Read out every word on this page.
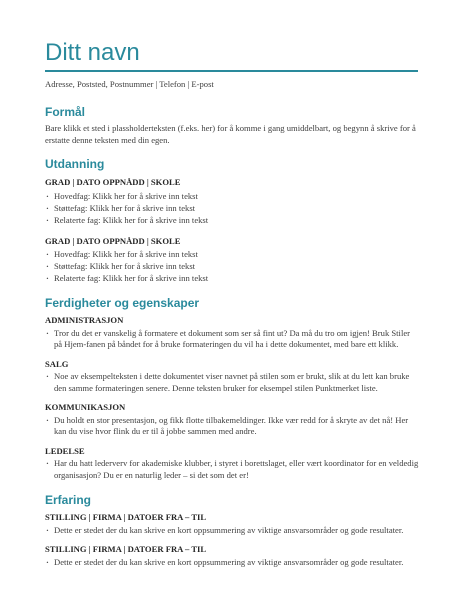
Ditt navn
Adresse, Poststed, Postnummer | Telefon | E-post
Formål

Bare klikk et sted i plassholderteksten (f.eks. her) for å komme i gang umiddelbart, og begynn å skrive for å erstatte denne teksten med din egen.

Utdanning
GRAD | DATO OPPNÅDD | SKOLE
· Hovedfag: Klikk her for å skrive inn tekst
· Støttefag: Klikk her for å skrive inn tekst
· Relaterte fag: Klikk her for å skrive inn tekst
GRAD | DATO OPPNÅDD | SKOLE
· Hovedfag: Klikk her for å skrive inn tekst
· Støttefag: Klikk her for å skrive inn tekst
· Relaterte fag: Klikk her for å skrive inn tekst
Ferdigheter og egenskaper
ADMINISTRASJON
· Tror du det er vanskelig å formatere et dokument som ser så fint ut? Da må du tro om igjen! Bruk Stiler på Hjem-fanen på båndet for å bruke formateringen du vil ha i dette dokumentet, med bare ett klikk.
SALG
· Noe av eksempelteksten i dette dokumentet viser navnet på stilen som er brukt, slik at du lett kan bruke den samme formateringen senere. Denne teksten bruker for eksempel stilen Punktmerket liste.
KOMMUNIKASJON
· Du holdt en stor presentasjon, og fikk flotte tilbakemeldinger. Ikke vær redd for å skryte av det nå! Her kan du vise hvor flink du er til å jobbe sammen med andre.
LEDELSE
· Har du hatt lederverv for akademiske klubber, i styret i borettslaget, eller vært koordinator for en veldedig organisasjon? Du er en naturlig leder – si det som det er!
Erfaring
STILLING | FIRMA | DATOER FRA – TIL
· Dette er stedet der du kan skrive en kort oppsummering av viktige ansvarsområder og gode resultater.
STILLING | FIRMA | DATOER FRA – TIL
· Dette er stedet der du kan skrive en kort oppsummering av viktige ansvarsområder og gode resultater.
